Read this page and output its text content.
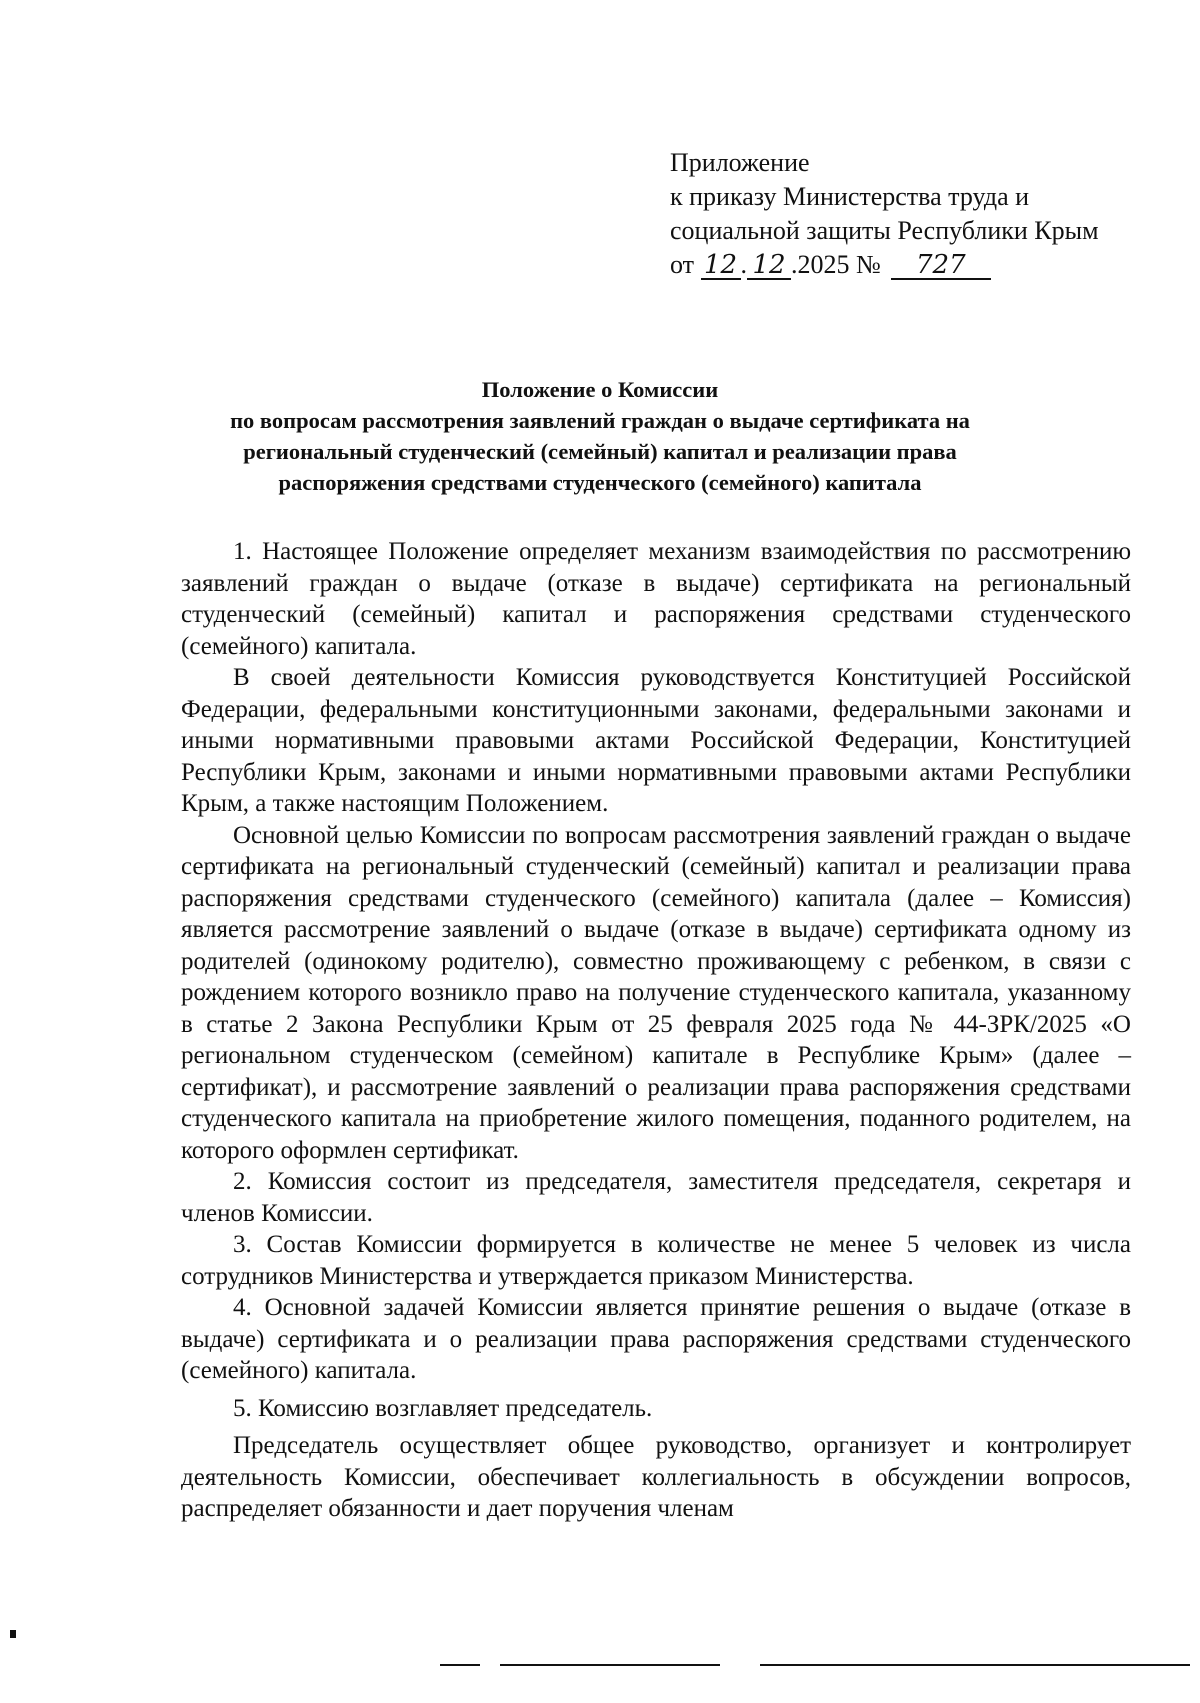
Приложение
к приказу Министерства труда и
социальной защиты Республики Крым
от 12 . 12 .2025 № 727
Положение о Комиссии
по вопросам рассмотрения заявлений граждан о выдаче сертификата на
региональный студенческий (семейный) капитал и реализации права
распоряжения средствами студенческого (семейного) капитала

1. Настоящее Положение определяет механизм взаимодействия по рассмотрению заявлений граждан о выдаче (отказе в выдаче) сертификата на региональный студенческий (семейный) капитал и распоряжения средствами студенческого (семейного) капитала.

В своей деятельности Комиссия руководствуется Конституцией Российской Федерации, федеральными конституционными законами, федеральными законами и иными нормативными правовыми актами Российской Федерации, Конституцией Республики Крым, законами и иными нормативными правовыми актами Республики Крым, а также настоящим Положением.

Основной целью Комиссии по вопросам рассмотрения заявлений граждан о выдаче сертификата на региональный студенческий (семейный) капитал и реализации права распоряжения средствами студенческого (семейного) капитала (далее – Комиссия) является рассмотрение заявлений о выдаче (отказе в выдаче) сертификата одному из родителей (одинокому родителю), совместно проживающему с ребенком, в связи с рождением которого возникло право на получение студенческого капитала, указанному в статье 2 Закона Республики Крым от 25 февраля 2025 года № 44-ЗРК/2025 «О региональном студенческом (семейном) капитале в Республике Крым» (далее – сертификат), и рассмотрение заявлений о реализации права распоряжения средствами студенческого капитала на приобретение жилого помещения, поданного родителем, на которого оформлен сертификат.

2. Комиссия состоит из председателя, заместителя председателя, секретаря и членов Комиссии.

3. Состав Комиссии формируется в количестве не менее 5 человек из числа сотрудников Министерства и утверждается приказом Министерства.

4. Основной задачей Комиссии является принятие решения о выдаче (отказе в выдаче) сертификата и о реализации права распоряжения средствами студенческого (семейного) капитала.

5. Комиссию возглавляет председатель.

Председатель осуществляет общее руководство, организует и контролирует деятельность Комиссии, обеспечивает коллегиальность в обсуждении вопросов, распределяет обязанности и дает поручения членам
